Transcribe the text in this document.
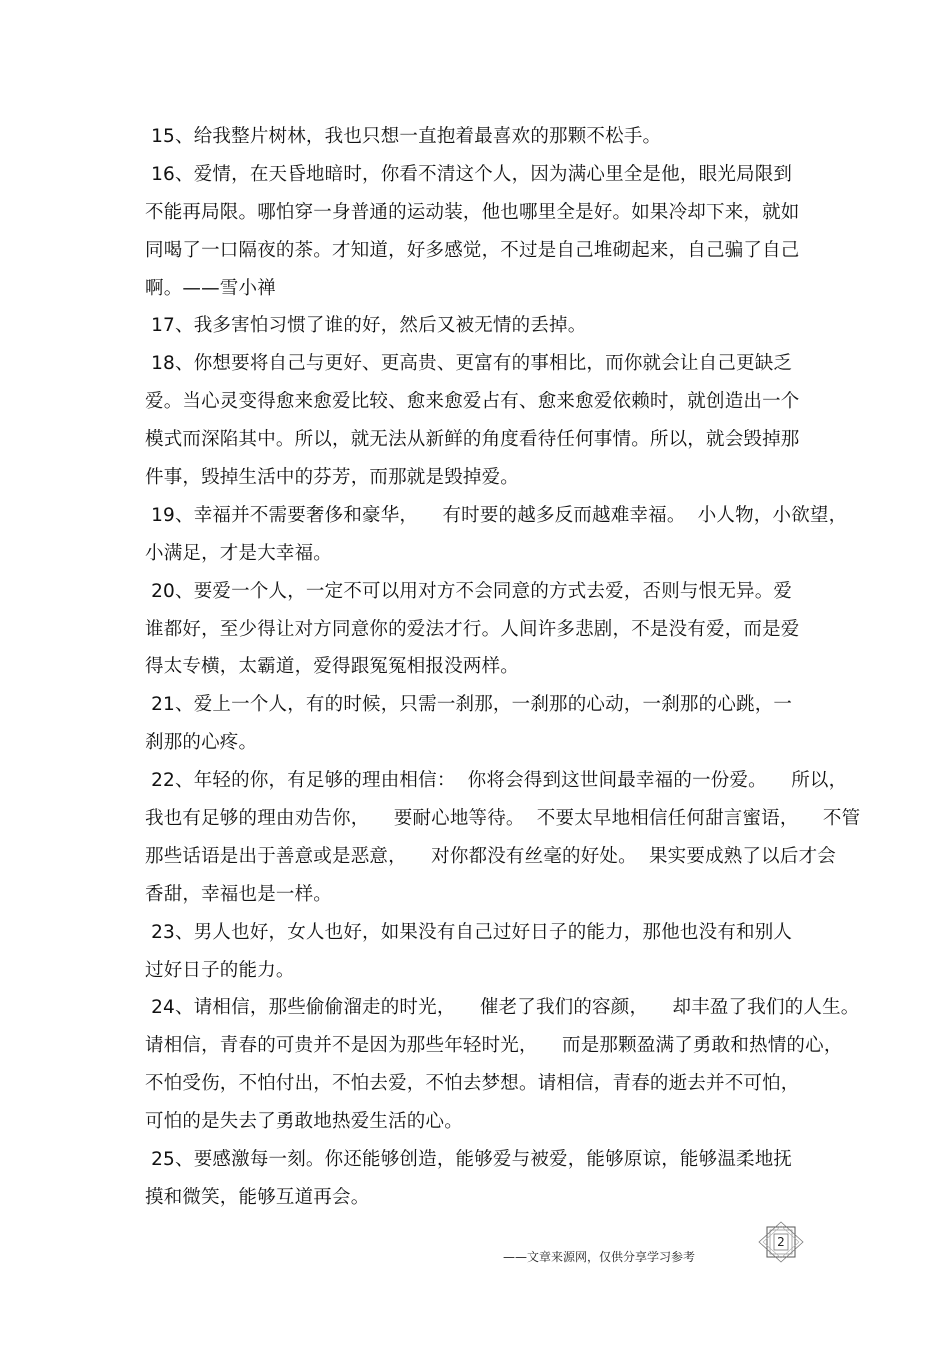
15、给我整片树林，我也只想一直抱着最喜欢的那颗不松手。
16、爱情，在天昏地暗时，你看不清这个人，因为满心里全是他，眼光局限到
不能再局限。哪怕穿一身普通的运动装，他也哪里全是好。如果冷却下来，就如
同喝了一口隔夜的茶。才知道，好多感觉，不过是自己堆砌起来，自己骗了自己
啊。——雪小禅
17、我多害怕习惯了谁的好，然后又被无情的丢掉。
18、你想要将自己与更好、更高贵、更富有的事相比，而你就会让自己更缺乏
爱。当心灵变得愈来愈爱比较、愈来愈爱占有、愈来愈爱依赖时，就创造出一个
模式而深陷其中。所以，就无法从新鲜的角度看待任何事情。所以，就会毁掉那
件事，毁掉生活中的芬芳，而那就是毁掉爱。
19、幸福并不需要奢侈和豪华，    有时要的越多反而越难幸福。  小人物，小欲望，
小满足，才是大幸福。
20、要爱一个人，一定不可以用对方不会同意的方式去爱，否则与恨无异。爱
谁都好，至少得让对方同意你的爱法才行。人间许多悲剧，不是没有爱，而是爱
得太专横，太霸道，爱得跟冤冤相报没两样。
21、爱上一个人，有的时候，只需一刹那，一刹那的心动，一刹那的心跳，一
刹那的心疼。
22、年轻的你，有足够的理由相信：  你将会得到这世间最幸福的一份爱。    所以，
我也有足够的理由劝告你，    要耐心地等待。  不要太早地相信任何甜言蜜语，    不管
那些话语是出于善意或是恶意，    对你都没有丝毫的好处。  果实要成熟了以后才会
香甜，幸福也是一样。
23、男人也好，女人也好，如果没有自己过好日子的能力，那他也没有和别人
过好日子的能力。
24、请相信，那些偷偷溜走的时光，    催老了我们的容颜，    却丰盈了我们的人生。
请相信，青春的可贵并不是因为那些年轻时光，    而是那颗盈满了勇敢和热情的心，
不怕受伤，不怕付出，不怕去爱，不怕去梦想。请相信，青春的逝去并不可怕，
可怕的是失去了勇敢地热爱生活的心。
25、要感激每一刻。你还能够创造，能够爱与被爱，能够原谅，能够温柔地抚
摸和微笑，能够互道再会。
——文章来源网，仅供分享学习参考
2
